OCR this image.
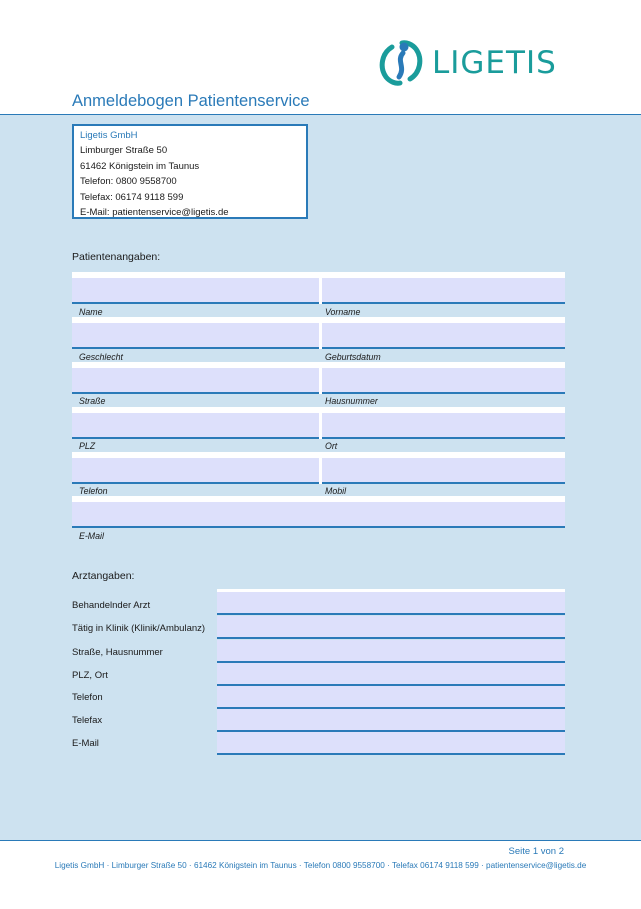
LIGETIS
Anmeldebogen Patientenservice
Ligetis GmbH
Limburger Straße 50
61462 Königstein im Taunus
Telefon: 0800 9558700
Telefax: 06174 9118 599
E-Mail: patientenservice@ligetis.de
Patientenangaben:
Name	Vorname
Geschlecht	Geburtsdatum
Straße	Hausnummer
PLZ	Ort
Telefon	Mobil
E-Mail
Arztangaben:
Behandelnder Arzt
Tätig in Klinik (Klinik/Ambulanz)
Straße, Hausnummer
PLZ, Ort
Telefon
Telefax
E-Mail
Seite 1 von 2
Ligetis GmbH · Limburger Straße 50 · 61462 Königstein im Taunus · Telefon 0800 9558700 · Telefax 06174 9118 599 · patientenservice@ligetis.de
